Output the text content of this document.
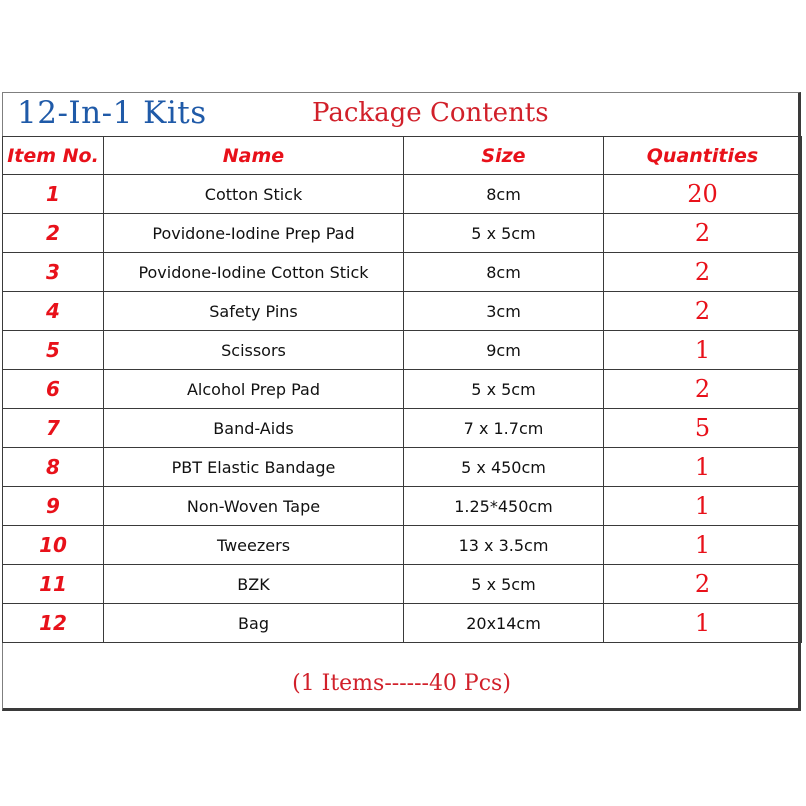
12-In-1 Kits	Package Contents
Item No.	Name	Size	Quantities
1	Cotton Stick	8cm	20
2	Povidone-Iodine Prep Pad	5 x 5cm	2
3	Povidone-Iodine Cotton Stick	8cm	2
4	Safety Pins	3cm	2
5	Scissors	9cm	1
6	Alcohol Prep Pad	5 x 5cm	2
7	Band-Aids	7 x 1.7cm	5
8	PBT Elastic Bandage	5 x 450cm	1
9	Non-Woven Tape	1.25*450cm	1
10	Tweezers	13 x 3.5cm	1
11	BZK	5 x 5cm	2
12	Bag	20x14cm	1
(1 Items------40 Pcs)
